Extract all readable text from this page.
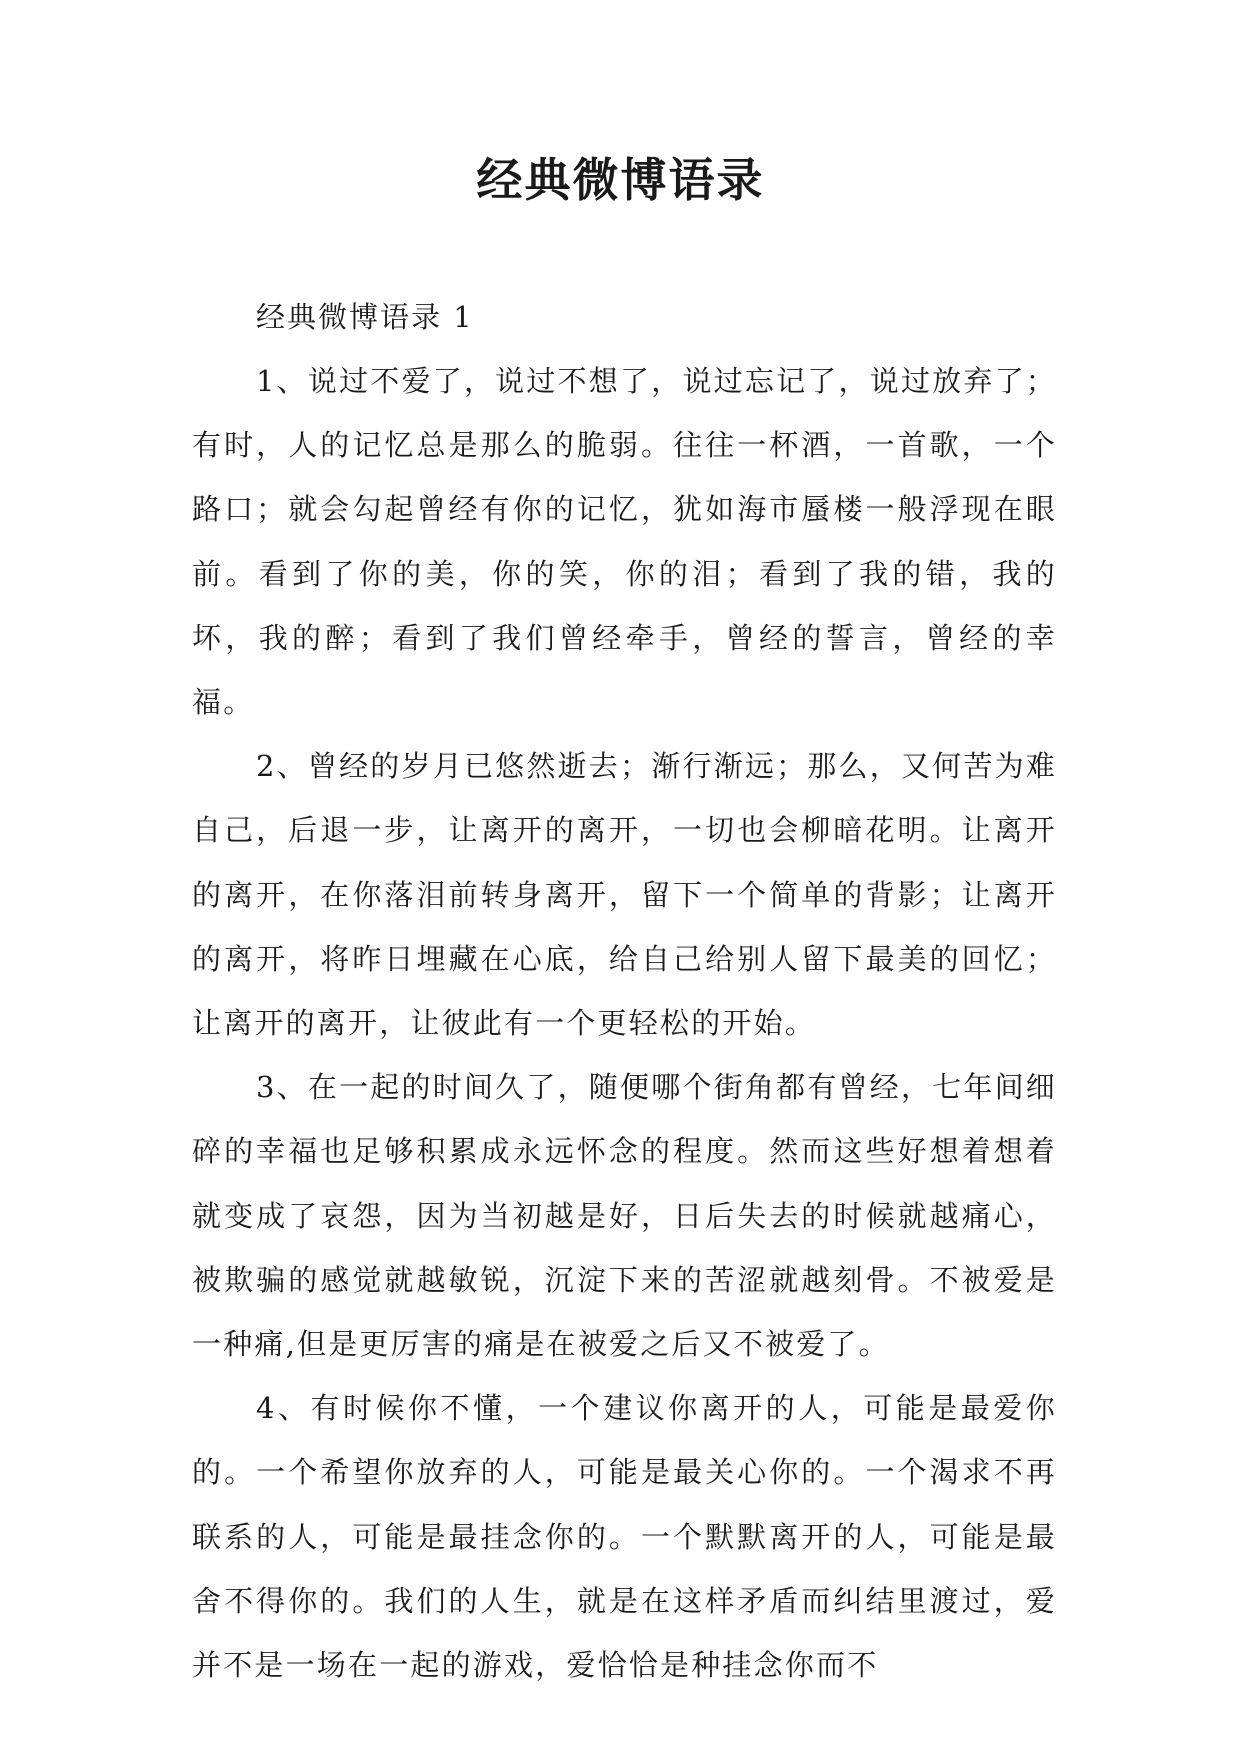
经典微博语录

经典微博语录 1

1、说过不爱了，说过不想了，说过忘记了，说过放弃了；有时，人的记忆总是那么的脆弱。往往一杯酒，一首歌，一个路口；就会勾起曾经有你的记忆，犹如海市蜃楼一般浮现在眼前。看到了你的美，你的笑，你的泪；看到了我的错，我的坏，我的醉；看到了我们曾经牵手，曾经的誓言，曾经的幸福。

2、曾经的岁月已悠然逝去；渐行渐远；那么，又何苦为难自己，后退一步，让离开的离开，一切也会柳暗花明。让离开的离开，在你落泪前转身离开，留下一个简单的背影；让离开的离开，将昨日埋藏在心底，给自己给别人留下最美的回忆；让离开的离开，让彼此有一个更轻松的开始。

3、在一起的时间久了，随便哪个街角都有曾经，七年间细碎的幸福也足够积累成永远怀念的程度。然而这些好想着想着就变成了哀怨，因为当初越是好，日后失去的时候就越痛心，被欺骗的感觉就越敏锐，沉淀下来的苦涩就越刻骨。不被爱是一种痛,但是更厉害的痛是在被爱之后又不被爱了。

4、有时候你不懂，一个建议你离开的人，可能是最爱你的。一个希望你放弃的人，可能是最关心你的。一个渴求不再联系的人，可能是最挂念你的。一个默默离开的人，可能是最舍不得你的。我们的人生，就是在这样矛盾而纠结里渡过，爱并不是一场在一起的游戏，爱恰恰是种挂念你而不
